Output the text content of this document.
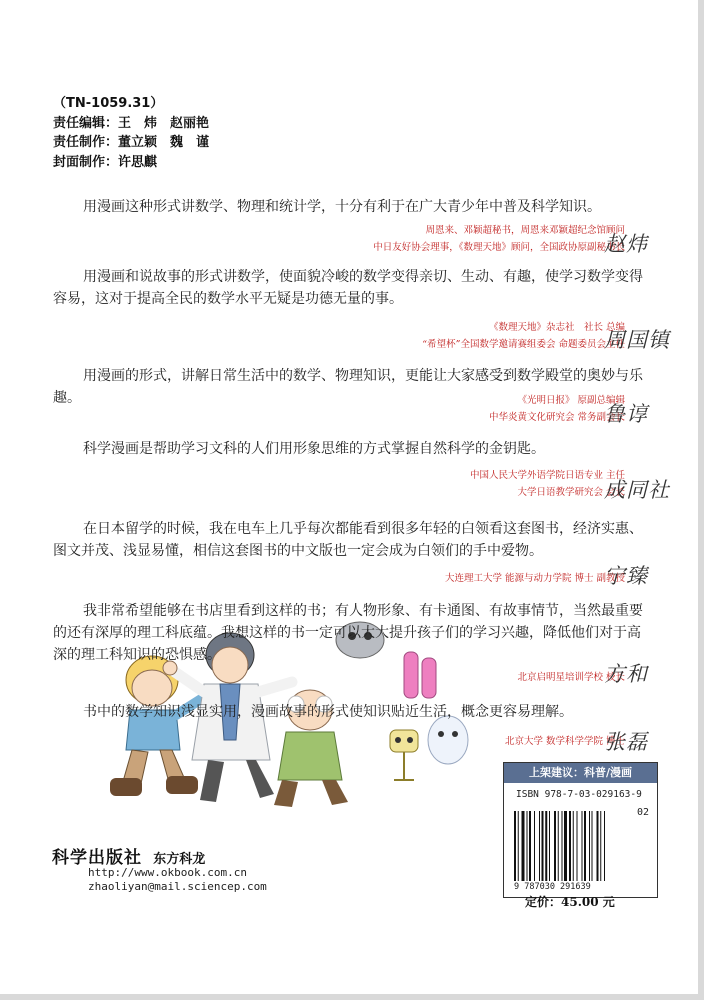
（TN-1059.31）
责任编辑：王　炜　赵丽艳
责任制作：董立颖　魏　谨
封面制作：许思麒
用漫画这种形式讲数学、物理和统计学，十分有利于在广大青少年中普及科学知识。
周恩来、邓颖超秘书，周恩来邓颖超纪念馆顾问
中日友好协会理事，《数理天地》顾问，全国政协原副秘书长
赵炜
用漫画和说故事的形式讲数学，使面貌冷峻的数学变得亲切、生动、有趣，使学习数学变得容易，这对于提高全民的数学水平无疑是功德无量的事。
《数理天地》杂志社　社长 总编
“希望杯”全国数学邀请赛组委会 命题委员会主任
周国镇
用漫画的形式，讲解日常生活中的数学、物理知识，更能让大家感受到数学殿堂的奥妙与乐趣。	《光明日报》 原副总编辑
中华炎黄文化研究会 常务副会长
鲁谆
科学漫画是帮助学习文科的人们用形象思维的方式掌握自然科学的金钥匙。
中国人民大学外语学院日语专业 主任
大学日语教学研究会 会长
成同社
在日本留学的时候，我在电车上几乎每次都能看到很多年轻的白领看这套图书，经济实惠、图文并茂、浅显易懂，相信这套图书的中文版也一定会成为白领们的手中爱物。
大连理工大学 能源与动力学院 博士 副教授
宁臻
我非常希望能够在书店里看到这样的书；有人物形象、有卡通图、有故事情节，当然最重要的还有深厚的理工科底蕴。我想这样的书一定可以大大提升孩子们的学习兴趣，降低他们对于高深的理工科知识的恐惧感。
北京启明星培训学校 校长
方和
书中的数学知识浅显实用，漫画故事的形式使知识贴近生活，概念更容易理解。
北京大学 数学科学学院 博士
张磊
上架建议：科普/漫画
ISBN 978-7-03-029163-9
02
9 787030 291639
定价：45.00 元
科学出版社 东方科龙
http://www.okbook.com.cn
zhaoliyan@mail.sciencep.com
